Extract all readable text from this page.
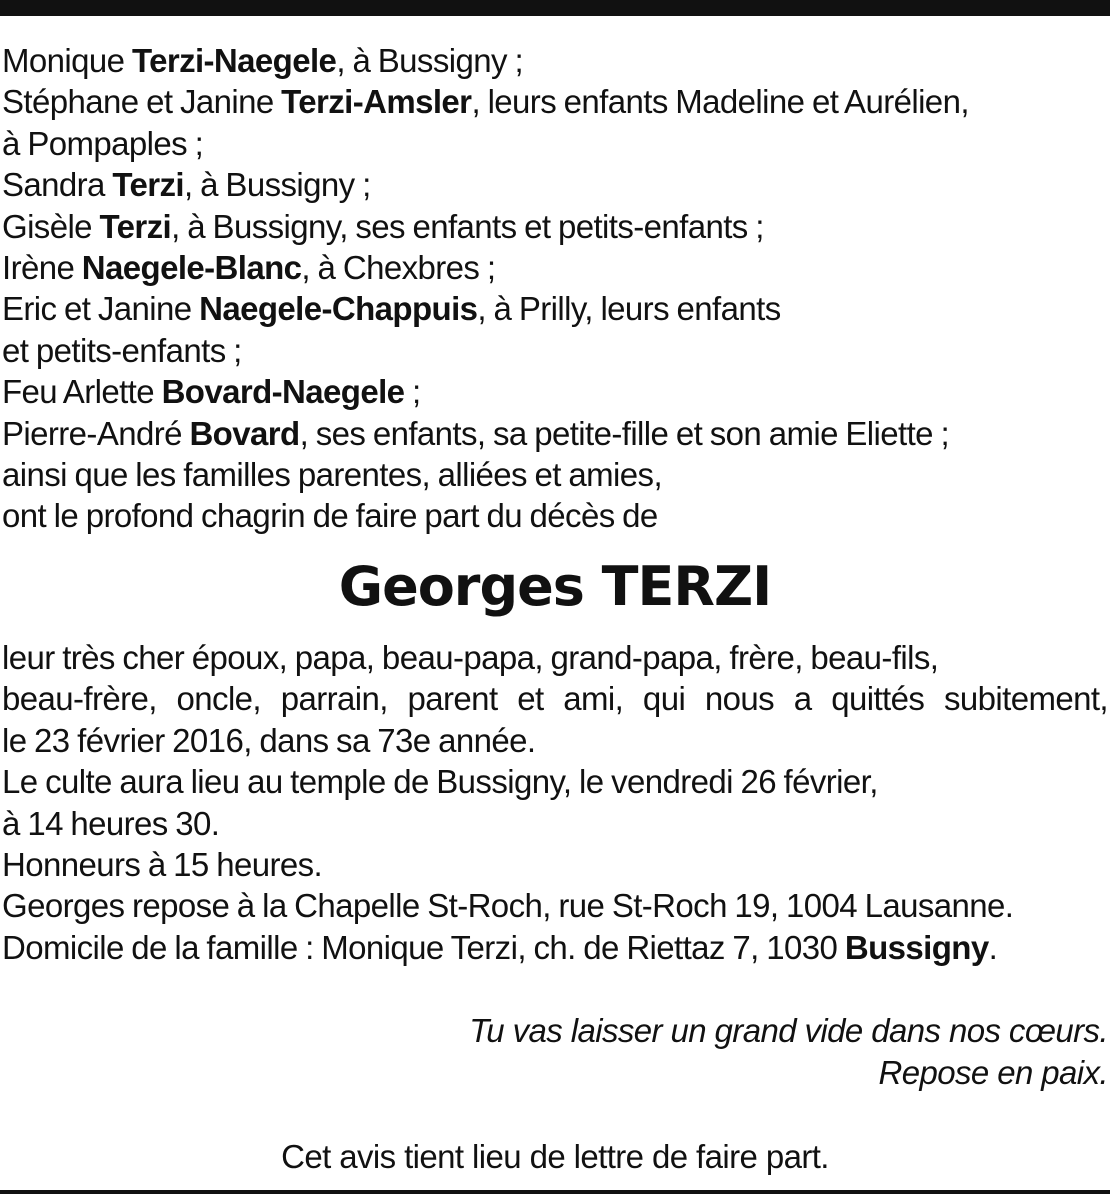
Monique Terzi-Naegele, à Bussigny ;
Stéphane et Janine Terzi-Amsler, leurs enfants Madeline et Aurélien,
à Pompaples ;
Sandra Terzi, à Bussigny ;
Gisèle Terzi, à Bussigny, ses enfants et petits-enfants ;
Irène Naegele-Blanc, à Chexbres ;
Eric et Janine Naegele-Chappuis, à Prilly, leurs enfants
et petits-enfants ;
Feu Arlette Bovard-Naegele ;
Pierre-André Bovard, ses enfants, sa petite-fille et son amie Eliette ;
ainsi que les familles parentes, alliées et amies,
ont le profond chagrin de faire part du décès de
Georges TERZI
leur très cher époux, papa, beau-papa, grand-papa, frère, beau-fils,
beau-frère, oncle, parrain, parent et ami, qui nous a quittés subitement,
le 23 février 2016, dans sa 73e année.
Le culte aura lieu au temple de Bussigny, le vendredi 26 février,
à 14 heures 30.
Honneurs à 15 heures.
Georges repose à la Chapelle St-Roch, rue St-Roch 19, 1004 Lausanne.
Domicile de la famille : Monique Terzi, ch. de Riettaz 7, 1030 Bussigny.
Tu vas laisser un grand vide dans nos cœurs.
Repose en paix.
Cet avis tient lieu de lettre de faire part.
